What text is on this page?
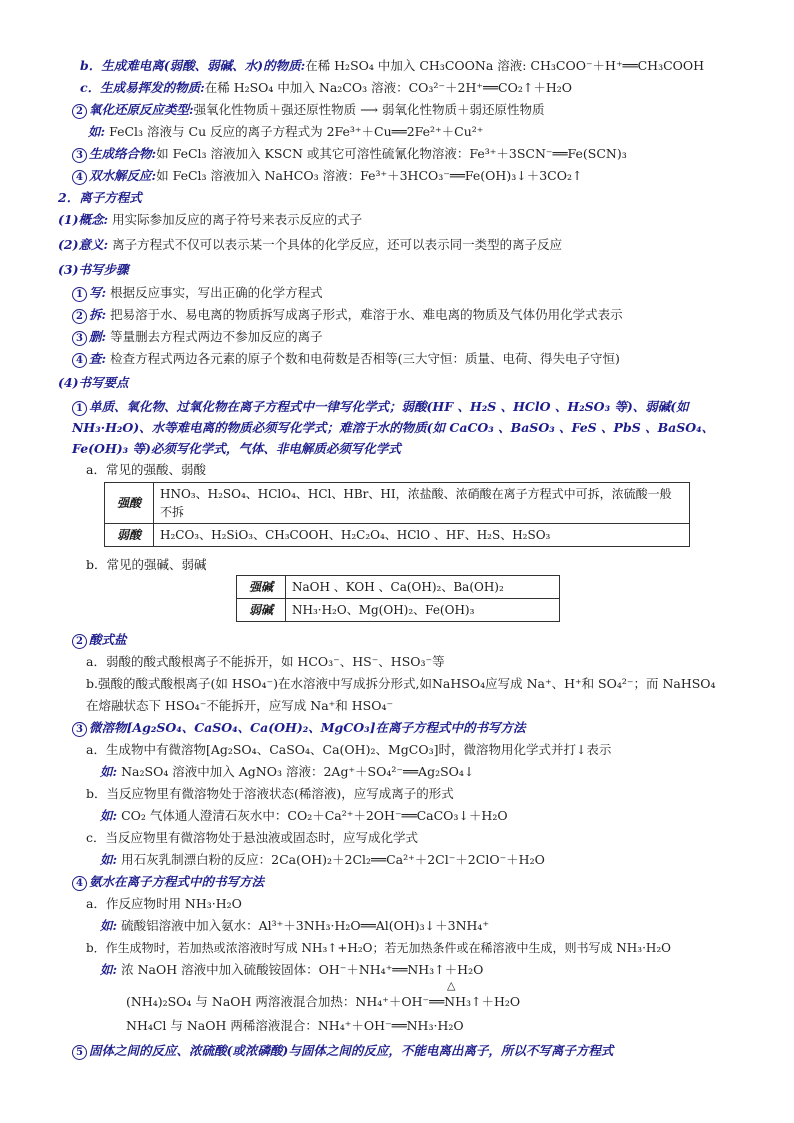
b．生成难电离(弱酸、弱碱、水)的物质:在稀 H₂SO₄ 中加入 CH₃COONa 溶液: CH₃COO⁻＋H⁺══CH₃COOH
c．生成易挥发的物质:在稀 H₂SO₄ 中加入 Na₂CO₃ 溶液：CO₃²⁻＋2H⁺══CO₂↑＋H₂O
2 氧化还原反应类型:强氧化性物质＋强还原性物质 ⟶ 弱氧化性物质＋弱还原性物质
如: FeCl₃ 溶液与 Cu 反应的离子方程式为 2Fe³⁺＋Cu══2Fe²⁺＋Cu²⁺
3 生成络合物:如 FeCl₃ 溶液加入 KSCN 或其它可溶性硫氰化物溶液：Fe³⁺＋3SCN⁻══Fe(SCN)₃
4 双水解反应:如 FeCl₃ 溶液加入 NaHCO₃ 溶液：Fe³⁺＋3HCO₃⁻══Fe(OH)₃↓＋3CO₂↑
2．离子方程式
(1)概念: 用实际参加反应的离子符号来表示反应的式子
(2)意义: 离子方程式不仅可以表示某一个具体的化学反应，还可以表示同一类型的离子反应
(3)书写步骤
1 写: 根据反应事实，写出正确的化学方程式
2 拆: 把易溶于水、易电离的物质拆写成离子形式，难溶于水、难电离的物质及气体仍用化学式表示
3 删: 等量删去方程式两边不参加反应的离子
4 查: 检查方程式两边各元素的原子个数和电荷数是否相等(三大守恒：质量、电荷、得失电子守恒)
(4)书写要点
1 单质、氧化物、过氧化物在离子方程式中一律写化学式；弱酸(HF 、H₂S 、HClO 、H₂SO₃ 等)、弱碱(如 NH₃·H₂O)、水等难电离的物质必须写化学式；难溶于水的物质(如 CaCO₃ 、BaSO₃ 、FeS 、PbS 、BaSO₄、Fe(OH)₃ 等)必须写化学式，气体、非电解质必须写化学式
a．常见的强酸、弱酸
强酸	HNO₃、H₂SO₄、HClO₄、HCl、HBr、HI，浓盐酸、浓硝酸在离子方程式中可拆，浓硫酸一般不拆
弱酸	H₂CO₃、H₂SiO₃、CH₃COOH、H₂C₂O₄、HClO 、HF、H₂S、H₂SO₃
b．常见的强碱、弱碱
强碱	NaOH 、KOH 、Ca(OH)₂、Ba(OH)₂
弱碱	NH₃·H₂O、Mg(OH)₂、Fe(OH)₃
2 酸式盐
a．弱酸的酸式酸根离子不能拆开，如 HCO₃⁻、HS⁻、HSO₃⁻等
b.强酸的酸式酸根离子(如 HSO₄⁻)在水溶液中写成拆分形式,如NaHSO₄应写成 Na⁺、H⁺和 SO₄²⁻；而 NaHSO₄
在熔融状态下 HSO₄⁻不能拆开，应写成 Na⁺和 HSO₄⁻
3 微溶物[Ag₂SO₄、CaSO₄、Ca(OH)₂、MgCO₃]在离子方程式中的书写方法
a．生成物中有微溶物[Ag₂SO₄、CaSO₄、Ca(OH)₂、MgCO₃]时，微溶物用化学式并打↓表示
如: Na₂SO₄ 溶液中加入 AgNO₃ 溶液：2Ag⁺＋SO₄²⁻══Ag₂SO₄↓
b．当反应物里有微溶物处于溶液状态(稀溶液)，应写成离子的形式
如: CO₂ 气体通人澄清石灰水中：CO₂＋Ca²⁺＋2OH⁻══CaCO₃↓＋H₂O
c．当反应物里有微溶物处于悬浊液或固态时，应写成化学式
如: 用石灰乳制漂白粉的反应：2Ca(OH)₂＋2Cl₂══Ca²⁺＋2Cl⁻＋2ClO⁻＋H₂O
4 氨水在离子方程式中的书写方法
a．作反应物时用 NH₃·H₂O
如: 硫酸铝溶液中加入氨水：Al³⁺＋3NH₃·H₂O══Al(OH)₃↓＋3NH₄⁺
b．作生成物时，若加热或浓溶液时写成 NH₃↑+H₂O；若无加热条件或在稀溶液中生成，则书写成 NH₃·H₂O
如: 浓 NaOH 溶液中加入硫酸铵固体：OH⁻＋NH₄⁺══NH₃↑＋H₂O
△
(NH₄)₂SO₄ 与 NaOH 两溶液混合加热：NH₄⁺＋OH⁻══NH₃↑＋H₂O
NH₄Cl 与 NaOH 两稀溶液混合：NH₄⁺＋OH⁻══NH₃·H₂O
5 固体之间的反应、浓硫酸(或浓磷酸)与固体之间的反应，不能电离出离子，所以不写离子方程式
